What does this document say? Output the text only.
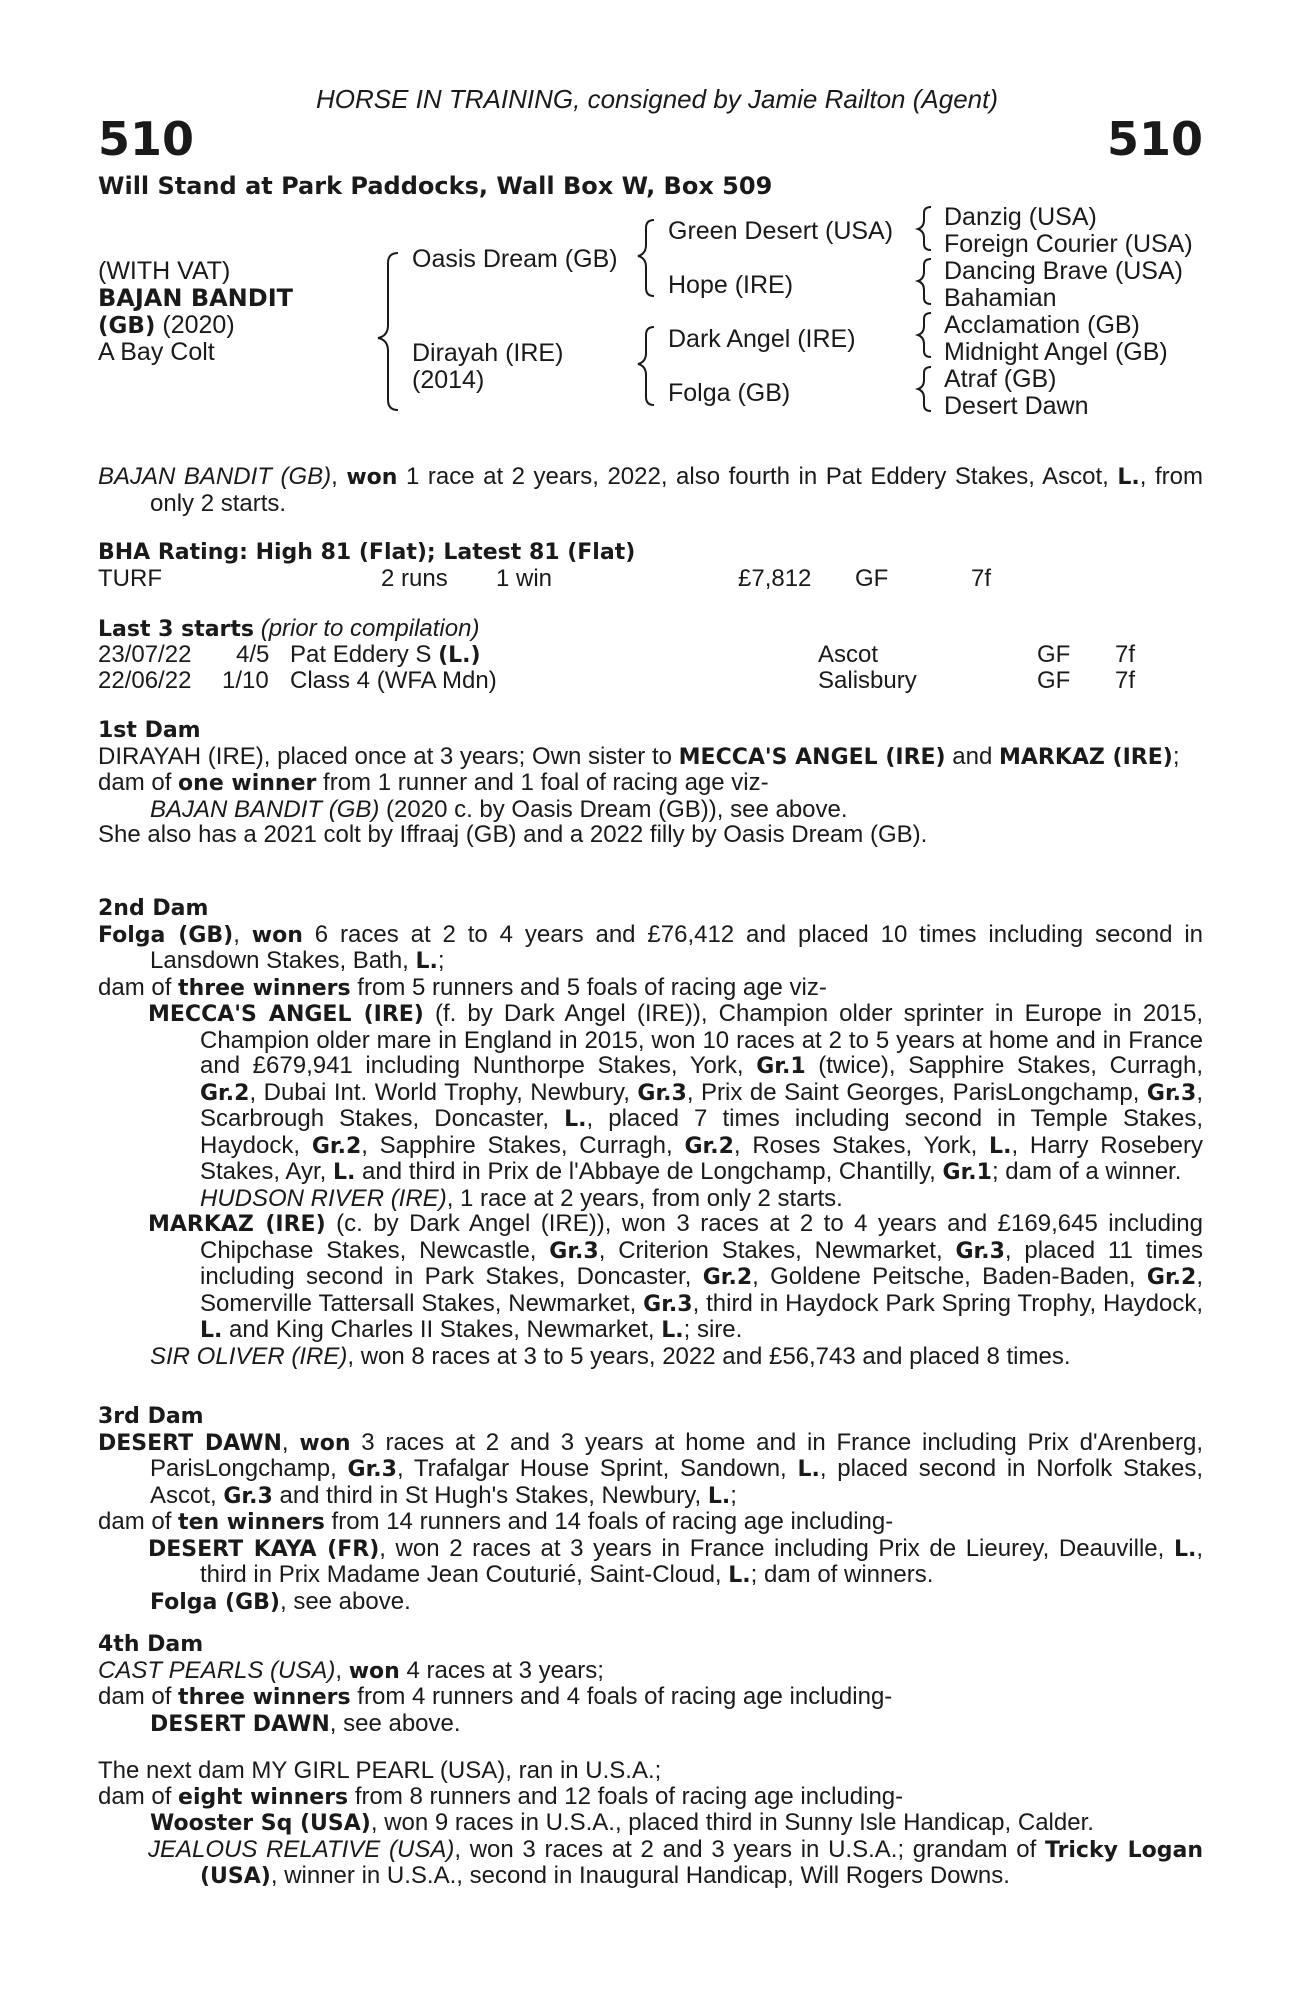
HORSE IN TRAINING, consigned by Jamie Railton (Agent)
510	510
Will Stand at Park Paddocks, Wall Box W, Box 509
(WITH VAT)
BAJAN BANDIT
(GB) (2020)
A Bay Colt
Oasis Dream (GB)
Dirayah (IRE)
(2014)
Green Desert (USA)
Hope (IRE)
Dark Angel (IRE)
Folga (GB)
Danzig (USA)
Foreign Courier (USA)
Dancing Brave (USA)
Bahamian
Acclamation (GB)
Midnight Angel (GB)
Atraf (GB)
Desert Dawn

BAJAN BANDIT (GB), won 1 race at 2 years, 2022, also fourth in Pat Eddery Stakes, Ascot, L., from only 2 starts.

BHA Rating: High 81 (Flat); Latest 81 (Flat)
TURF	2 runs 1 win	£7,812 GF	7f
Last 3 starts (prior to compilation)
23/07/22 4/5 Pat Eddery S (L.)	Ascot	GF 7f
22/06/22 1/10 Class 4 (WFA Mdn)	Salisbury	GF 7f

1st Dam

DIRAYAH (IRE), placed once at 3 years; Own sister to MECCA'S ANGEL (IRE) and MARKAZ (IRE);

dam of one winner from 1 runner and 1 foal of racing age viz-

BAJAN BANDIT (GB) (2020 c. by Oasis Dream (GB)), see above.

She also has a 2021 colt by Iffraaj (GB) and a 2022 filly by Oasis Dream (GB).

2nd Dam

Folga (GB), won 6 races at 2 to 4 years and £76,412 and placed 10 times including second in Lansdown Stakes, Bath, L.;

dam of three winners from 5 runners and 5 foals of racing age viz-

MECCA'S ANGEL (IRE) (f. by Dark Angel (IRE)), Champion older sprinter in Europe in 2015, Champion older mare in England in 2015, won 10 races at 2 to 5 years at home and in France and £679,941 including Nunthorpe Stakes, York, Gr.1 (twice), Sapphire Stakes, Curragh, Gr.2, Dubai Int. World Trophy, Newbury, Gr.3, Prix de Saint Georges, ParisLongchamp, Gr.3, Scarbrough Stakes, Doncaster, L., placed 7 times including second in Temple Stakes, Haydock, Gr.2, Sapphire Stakes, Curragh, Gr.2, Roses Stakes, York, L., Harry Rosebery Stakes, Ayr, L. and third in Prix de l'Abbaye de Longchamp, Chantilly, Gr.1; dam of a winner.

HUDSON RIVER (IRE), 1 race at 2 years, from only 2 starts.

MARKAZ (IRE) (c. by Dark Angel (IRE)), won 3 races at 2 to 4 years and £169,645 including Chipchase Stakes, Newcastle, Gr.3, Criterion Stakes, Newmarket, Gr.3, placed 11 times including second in Park Stakes, Doncaster, Gr.2, Goldene Peitsche, Baden-Baden, Gr.2, Somerville Tattersall Stakes, Newmarket, Gr.3, third in Haydock Park Spring Trophy, Haydock, L. and King Charles II Stakes, Newmarket, L.; sire.

SIR OLIVER (IRE), won 8 races at 3 to 5 years, 2022 and £56,743 and placed 8 times.

3rd Dam

DESERT DAWN, won 3 races at 2 and 3 years at home and in France including Prix d'Arenberg, ParisLongchamp, Gr.3, Trafalgar House Sprint, Sandown, L., placed second in Norfolk Stakes, Ascot, Gr.3 and third in St Hugh's Stakes, Newbury, L.;

dam of ten winners from 14 runners and 14 foals of racing age including-

DESERT KAYA (FR), won 2 races at 3 years in France including Prix de Lieurey, Deauville, L., third in Prix Madame Jean Couturié, Saint-Cloud, L.; dam of winners.

Folga (GB), see above.

4th Dam

CAST PEARLS (USA), won 4 races at 3 years;

dam of three winners from 4 runners and 4 foals of racing age including-

DESERT DAWN, see above.

The next dam MY GIRL PEARL (USA), ran in U.S.A.;

dam of eight winners from 8 runners and 12 foals of racing age including-

Wooster Sq (USA), won 9 races in U.S.A., placed third in Sunny Isle Handicap, Calder.

JEALOUS RELATIVE (USA), won 3 races at 2 and 3 years in U.S.A.; grandam of Tricky Logan (USA), winner in U.S.A., second in Inaugural Handicap, Will Rogers Downs.
